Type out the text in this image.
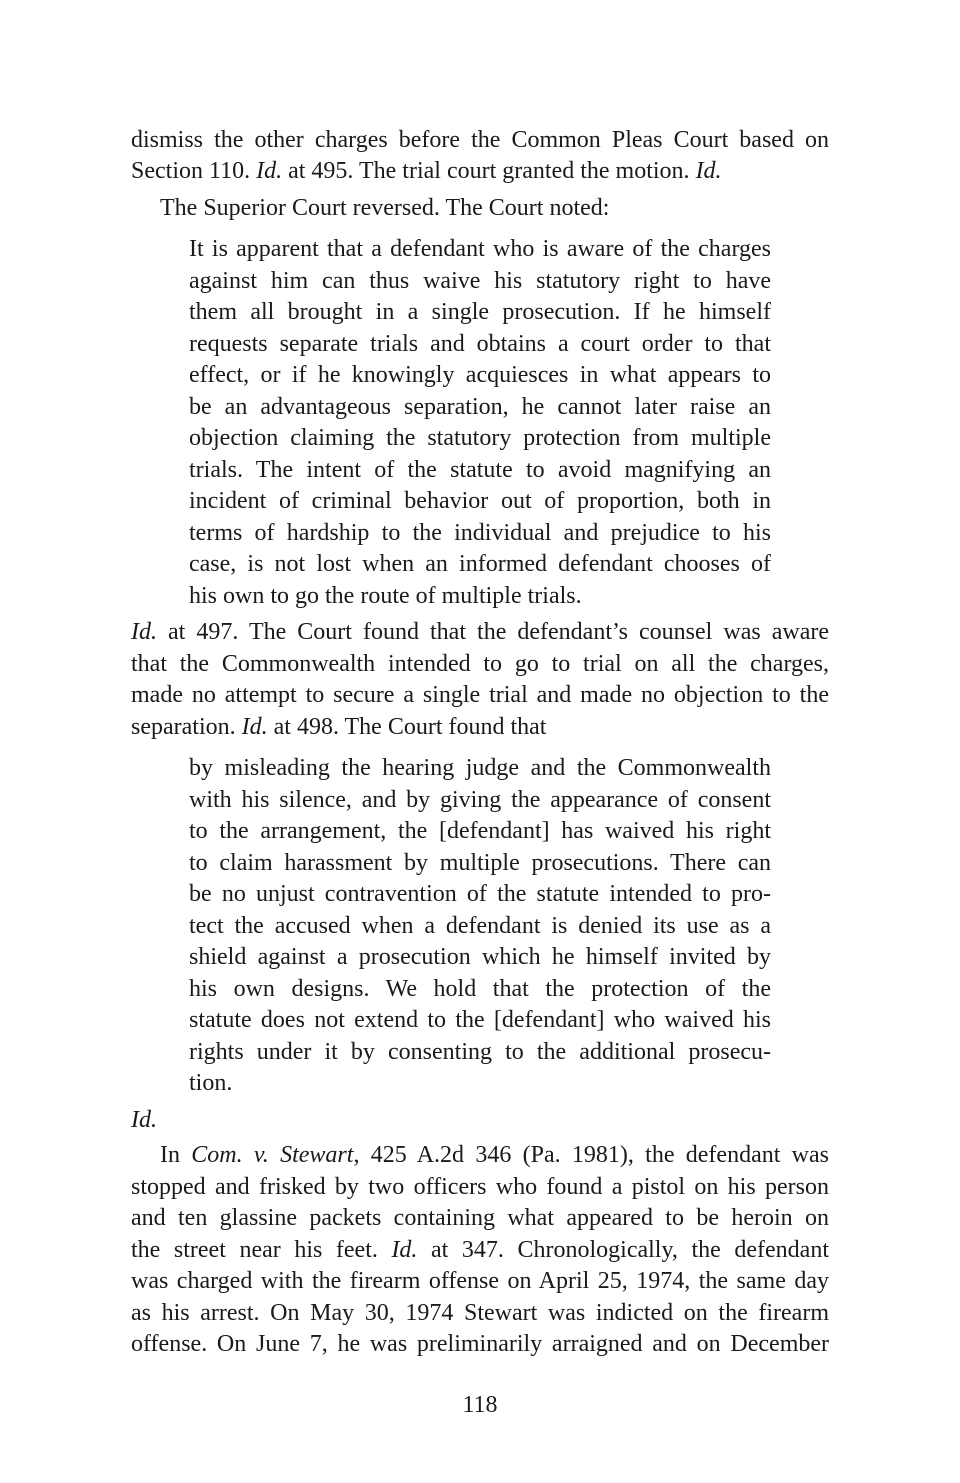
dismiss the other charges before the Common Pleas Court based on
Section 110. Id. at 495. The trial court granted the motion. Id.
The Superior Court reversed. The Court noted:
It is apparent that a defendant who is aware of the charges
against him can thus waive his statutory right to have
them all brought in a single prosecution. If he himself
requests separate trials and obtains a court order to that
effect, or if he knowingly acquiesces in what appears to
be an advantageous separation, he cannot later raise an
objection claiming the statutory protection from multiple
trials. The intent of the statute to avoid magnifying an
incident of criminal behavior out of proportion, both in
terms of hardship to the individual and prejudice to his
case, is not lost when an informed defendant chooses of
his own to go the route of multiple trials.
Id. at 497. The Court found that the defendant’s counsel was aware
that the Commonwealth intended to go to trial on all the charges,
made no attempt to secure a single trial and made no objection to the
separation. Id. at 498. The Court found that
by misleading the hearing judge and the Commonwealth
with his silence, and by giving the appearance of consent
to the arrangement, the [defendant] has waived his right
to claim harassment by multiple prosecutions. There can
be no unjust contravention of the statute intended to pro-
tect the accused when a defendant is denied its use as a
shield against a prosecution which he himself invited by
his own designs. We hold that the protection of the
statute does not extend to the [defendant] who waived his
rights under it by consenting to the additional prosecu-
tion.
Id.
In Com. v. Stewart, 425 A.2d 346 (Pa. 1981), the defendant was
stopped and frisked by two officers who found a pistol on his person
and ten glassine packets containing what appeared to be heroin on
the street near his feet. Id. at 347. Chronologically, the defendant
was charged with the firearm offense on April 25, 1974, the same day
as his arrest. On May 30, 1974 Stewart was indicted on the firearm
offense. On June 7, he was preliminarily arraigned and on December
118
